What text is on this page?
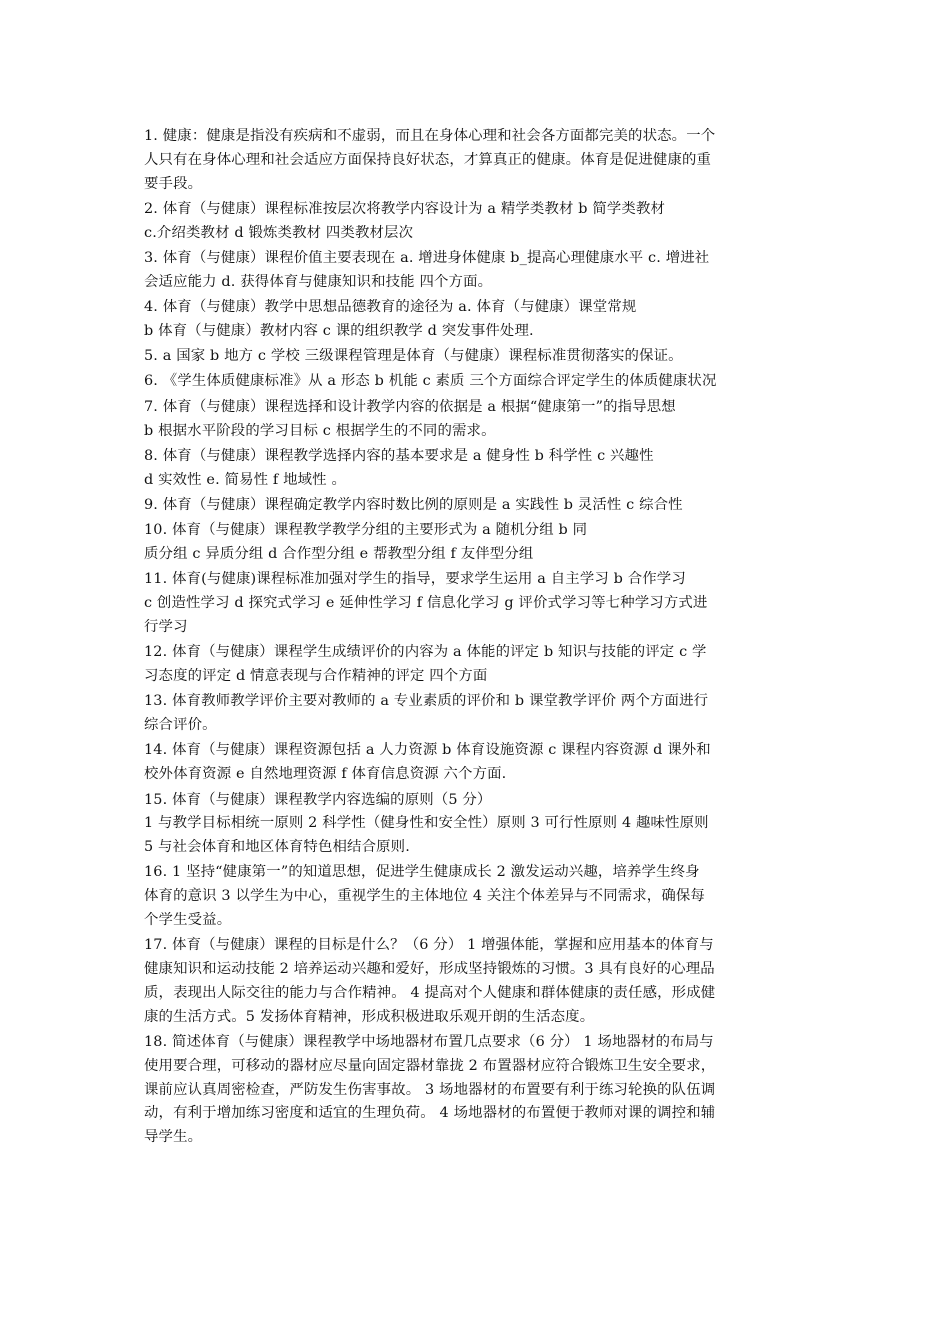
1. 健康：健康是指没有疾病和不虚弱，而且在身体心理和社会各方面都完美的状态。一个
人只有在身体心理和社会适应方面保持良好状态，才算真正的健康。体育是促进健康的重
要手段。
2. 体育（与健康）课程标准按层次将教学内容设计为 a 精学类教材 b 简学类教材
c.介绍类教材 d 锻炼类教材 四类教材层次
3. 体育（与健康）课程价值主要表现在 a. 增进身体健康 b_提高心理健康水平 c. 增进社
会适应能力 d. 获得体育与健康知识和技能 四个方面。
4. 体育（与健康）教学中思想品德教育的途径为 a. 体育（与健康）课堂常规
b 体育（与健康）教材内容 c 课的组织教学 d 突发事件处理.
5. a 国家 b 地方 c 学校 三级课程管理是体育（与健康）课程标准贯彻落实的保证。
6. 《学生体质健康标准》从 a 形态 b 机能 c 素质 三个方面综合评定学生的体质健康状况
7. 体育（与健康）课程选择和设计教学内容的依据是 a 根据“健康第一”的指导思想
b 根据水平阶段的学习目标 c 根据学生的不同的需求。
8. 体育（与健康）课程教学选择内容的基本要求是 a 健身性 b 科学性 c 兴趣性
d 实效性 e. 简易性 f 地域性 。
9. 体育（与健康）课程确定教学内容时数比例的原则是 a 实践性 b 灵活性 c 综合性
10. 体育（与健康）课程教学教学分组的主要形式为 a 随机分组 b 同
质分组 c 异质分组 d 合作型分组 e 帮教型分组 f 友伴型分组
11. 体育(与健康)课程标准加强对学生的指导，要求学生运用 a 自主学习 b 合作学习
c 创造性学习 d 探究式学习 e 延伸性学习 f 信息化学习 g 评价式学习等七种学习方式进
行学习
12. 体育（与健康）课程学生成绩评价的内容为 a 体能的评定 b 知识与技能的评定 c 学
习态度的评定 d 情意表现与合作精神的评定 四个方面
13. 体育教师教学评价主要对教师的 a 专业素质的评价和 b 课堂教学评价 两个方面进行
综合评价。
14. 体育（与健康）课程资源包括 a 人力资源 b 体育设施资源 c 课程内容资源 d 课外和
校外体育资源 e 自然地理资源 f 体育信息资源 六个方面.
15. 体育（与健康）课程教学内容选编的原则（5 分）
1 与教学目标相统一原则 2 科学性（健身性和安全性）原则 3 可行性原则 4 趣味性原则
5 与社会体育和地区体育特色相结合原则.
16. 1 坚持“健康第一”的知道思想，促进学生健康成长 2 激发运动兴趣，培养学生终身
体育的意识 3 以学生为中心，重视学生的主体地位 4 关注个体差异与不同需求，确保每
个学生受益。
17. 体育（与健康）课程的目标是什么？（6 分） 1 增强体能，掌握和应用基本的体育与
健康知识和运动技能 2 培养运动兴趣和爱好，形成坚持锻炼的习惯。3 具有良好的心理品
质，表现出人际交往的能力与合作精神。 4 提高对个人健康和群体健康的责任感，形成健
康的生活方式。5 发扬体育精神，形成积极进取乐观开朗的生活态度。
18. 简述体育（与健康）课程教学中场地器材布置几点要求（6 分） 1 场地器材的布局与
使用要合理，可移动的器材应尽量向固定器材靠拢 2 布置器材应符合锻炼卫生安全要求，
课前应认真周密检查，严防发生伤害事故。 3 场地器材的布置要有利于练习轮换的队伍调
动，有利于增加练习密度和适宜的生理负荷。 4 场地器材的布置便于教师对课的调控和辅
导学生。
